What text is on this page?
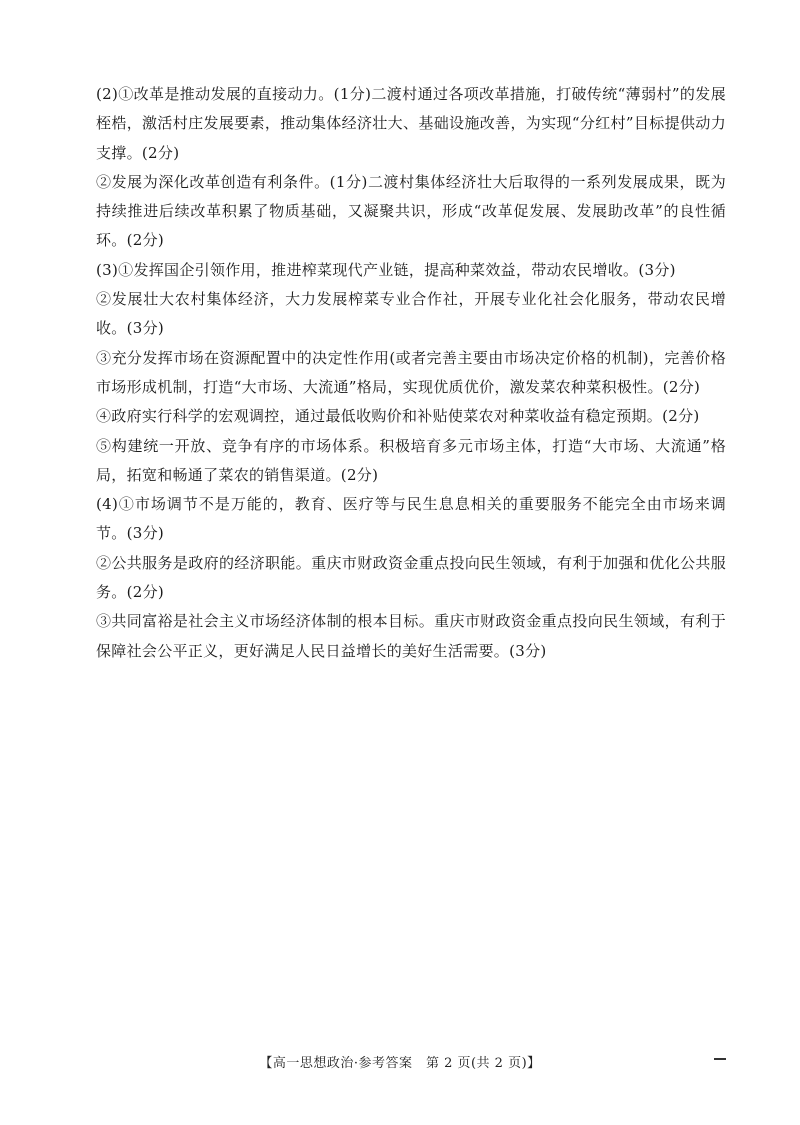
(2)①改革是推动发展的直接动力。(1分)二渡村通过各项改革措施，打破传统“薄弱村”的发展桎梏，激活村庄发展要素，推动集体经济壮大、基础设施改善，为实现“分红村”目标提供动力支撑。(2分)

②发展为深化改革创造有利条件。(1分)二渡村集体经济壮大后取得的一系列发展成果，既为持续推进后续改革积累了物质基础，又凝聚共识，形成“改革促发展、发展助改革”的良性循环。(2分)

(3)①发挥国企引领作用，推进榨菜现代产业链，提高种菜效益，带动农民增收。(3分)

②发展壮大农村集体经济，大力发展榨菜专业合作社，开展专业化社会化服务，带动农民增收。(3分)

③充分发挥市场在资源配置中的决定性作用(或者完善主要由市场决定价格的机制)，完善价格市场形成机制，打造“大市场、大流通”格局，实现优质优价，激发菜农种菜积极性。(2分)

④政府实行科学的宏观调控，通过最低收购价和补贴使菜农对种菜收益有稳定预期。(2分)

⑤构建统一开放、竞争有序的市场体系。积极培育多元市场主体，打造“大市场、大流通”格局，拓宽和畅通了菜农的销售渠道。(2分)

(4)①市场调节不是万能的，教育、医疗等与民生息息相关的重要服务不能完全由市场来调节。(3分)

②公共服务是政府的经济职能。重庆市财政资金重点投向民生领域，有利于加强和优化公共服务。(2分)

③共同富裕是社会主义市场经济体制的根本目标。重庆市财政资金重点投向民生领域，有利于保障社会公平正义，更好满足人民日益增长的美好生活需要。(3分)

【高一思想政治·参考答案　第 2 页(共 2 页)】
